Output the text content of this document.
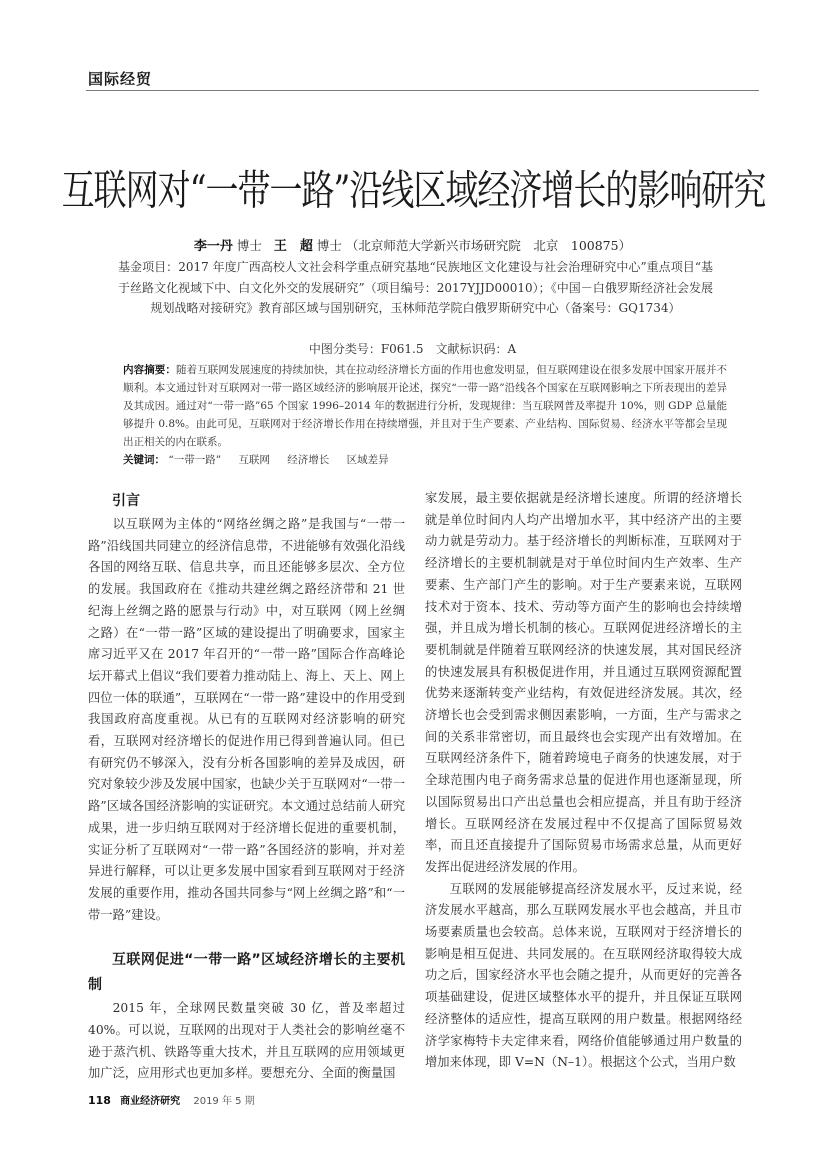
国际经贸
互联网对“一带一路”沿线区域经济增长的影响研究
李一丹 博士 王　超 博士 （北京师范大学新兴市场研究院　北京　100875）
基金项目：2017 年度广西高校人文社会科学重点研究基地“民族地区文化建设与社会治理研究中心”重点项目“基于丝路文化视域下中、白文化外交的发展研究”（项目编号：2017YJJD00010）；《中国－白俄罗斯经济社会发展规划战略对接研究》教育部区域与国别研究，玉林师范学院白俄罗斯研究中心（备案号：GQ1734）
中图分类号：F061.5　文献标识码：A
内容摘要：随着互联网发展速度的持续加快，其在拉动经济增长方面的作用也愈发明显，但互联网建设在很多发展中国家开展并不顺利。本文通过针对互联网对一带一路区域经济的影响展开论述，探究“一带一路”沿线各个国家在互联网影响之下所表现出的差异及其成因。通过对“一带一路”65 个国家 1996–2014 年的数据进行分析，发现规律：当互联网普及率提升 10%，则 GDP 总量能够提升 0.8%。由此可见，互联网对于经济增长作用在持续增强，并且对于生产要素、产业结构、国际贸易、经济水平等都会呈现出正相关的内在联系。
关键词： “一带一路” 互联网 经济增长 区域差异
引言

以互联网为主体的“网络丝绸之路”是我国与“一带一路”沿线国共同建立的经济信息带，不进能够有效强化沿线各国的网络互联、信息共享，而且还能够多层次、全方位的发展。我国政府在《推动共建丝绸之路经济带和 21 世纪海上丝绸之路的愿景与行动》中，对互联网（网上丝绸之路）在“一带一路”区域的建设提出了明确要求，国家主席习近平又在 2017 年召开的“一带一路”国际合作高峰论坛开幕式上倡议“我们要着力推动陆上、海上、天上、网上四位一体的联通”，互联网在“一带一路”建设中的作用受到我国政府高度重视。从已有的互联网对经济影响的研究看，互联网对经济增长的促进作用已得到普遍认同。但已有研究仍不够深入，没有分析各国影响的差异及成因，研究对象较少涉及发展中国家，也缺少关于互联网对“一带一路”区域各国经济影响的实证研究。本文通过总结前人研究成果，进一步归纳互联网对于经济增长促进的重要机制，实证分析了互联网对“一带一路”各国经济的影响，并对差异进行解释，可以让更多发展中国家看到互联网对于经济发展的重要作用，推动各国共同参与“网上丝绸之路”和“一带一路”建设。

互联网促进“一带一路”区域经济增长的主要机制

2015 年，全球网民数量突破 30 亿，普及率超过 40%。可以说，互联网的出现对于人类社会的影响丝毫不逊于蒸汽机、铁路等重大技术，并且互联网的应用领域更加广泛，应用形式也更加多样。要想充分、全面的衡量国

家发展，最主要依据就是经济增长速度。所谓的经济增长就是单位时间内人均产出增加水平，其中经济产出的主要动力就是劳动力。基于经济增长的判断标准，互联网对于经济增长的主要机制就是对于单位时间内生产效率、生产要素、生产部门产生的影响。对于生产要素来说，互联网技术对于资本、技术、劳动等方面产生的影响也会持续增强，并且成为增长机制的核心。互联网促进经济增长的主要机制就是伴随着互联网经济的快速发展，其对国民经济的快速发展具有积极促进作用，并且通过互联网资源配置优势来逐渐转变产业结构，有效促进经济发展。其次，经济增长也会受到需求侧因素影响，一方面，生产与需求之间的关系非常密切，而且最终也会实现产出有效增加。在互联网经济条件下，随着跨境电子商务的快速发展，对于全球范围内电子商务需求总量的促进作用也逐渐显现，所以国际贸易出口产出总量也会相应提高，并且有助于经济增长。互联网经济在发展过程中不仅提高了国际贸易效率，而且还直接提升了国际贸易市场需求总量，从而更好发挥出促进经济发展的作用。

互联网的发展能够提高经济发展水平，反过来说，经济发展水平越高，那么互联网发展水平也会越高，并且市场要素质量也会较高。总体来说，互联网对于经济增长的影响是相互促进、共同发展的。在互联网经济取得较大成功之后，国家经济水平也会随之提升，从而更好的完善各项基础建设，促进区域整体水平的提升，并且保证互联网经济整体的适应性，提高互联网的用户数量。根据网络经济学家梅特卡夫定律来看，网络价值能够通过用户数量的增加来体现，即 V=N（N–1）。根据这个公式，当用户数

118 商业经济研究 2019 年 5 期
